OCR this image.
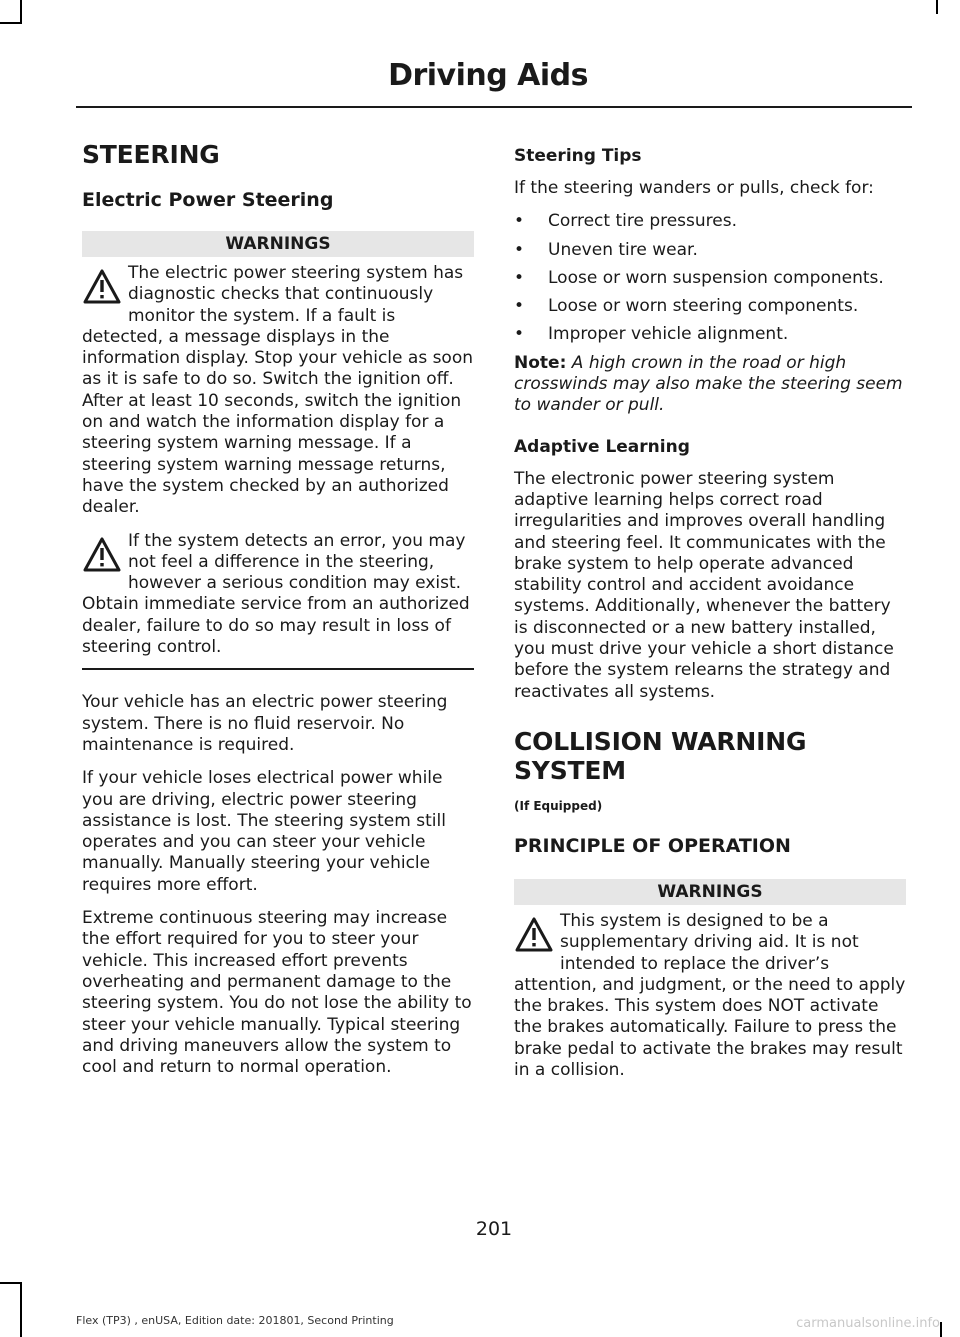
Driving Aids
STEERING
Electric Power Steering
WARNINGS
The electric power steering system has diagnostic checks that continuously monitor the system. If a fault is detected, a message displays in the information display. Stop your vehicle as soon as it is safe to do so. Switch the ignition off. After at least 10 seconds, switch the ignition on and watch the information display for a steering system warning message. If a steering system warning message returns, have the system checked by an authorized dealer.
If the system detects an error, you may not feel a difference in the steering, however a serious condition may exist. Obtain immediate service from an authorized dealer, failure to do so may result in loss of steering control.

Your vehicle has an electric power steering system. There is no fluid reservoir. No maintenance is required.

If your vehicle loses electrical power while you are driving, electric power steering assistance is lost. The steering system still operates and you can steer your vehicle manually. Manually steering your vehicle requires more effort.

Extreme continuous steering may increase the effort required for you to steer your vehicle. This increased effort prevents overheating and permanent damage to the steering system. You do not lose the ability to steer your vehicle manually. Typical steering and driving maneuvers allow the system to cool and return to normal operation.

Steering Tips

If the steering wanders or pulls, check for:

• Correct tire pressures.
• Uneven tire wear.
• Loose or worn suspension components.
• Loose or worn steering components.
• Improper vehicle alignment.

Note: A high crown in the road or high crosswinds may also make the steering seem to wander or pull.

Adaptive Learning

The electronic power steering system adaptive learning helps correct road irregularities and improves overall handling and steering feel. It communicates with the brake system to help operate advanced stability control and accident avoidance systems. Additionally, whenever the battery is disconnected or a new battery installed, you must drive your vehicle a short distance before the system relearns the strategy and reactivates all systems.

COLLISION WARNING SYSTEM
(If Equipped)
PRINCIPLE OF OPERATION
WARNINGS
This system is designed to be a supplementary driving aid. It is not intended to replace the driver’s attention, and judgment, or the need to apply the brakes. This system does NOT activate the brakes automatically. Failure to press the brake pedal to activate the brakes may result in a collision.
201
Flex (TP3) , enUSA, Edition date: 201801, Second Printing	carmanualsonline.info
